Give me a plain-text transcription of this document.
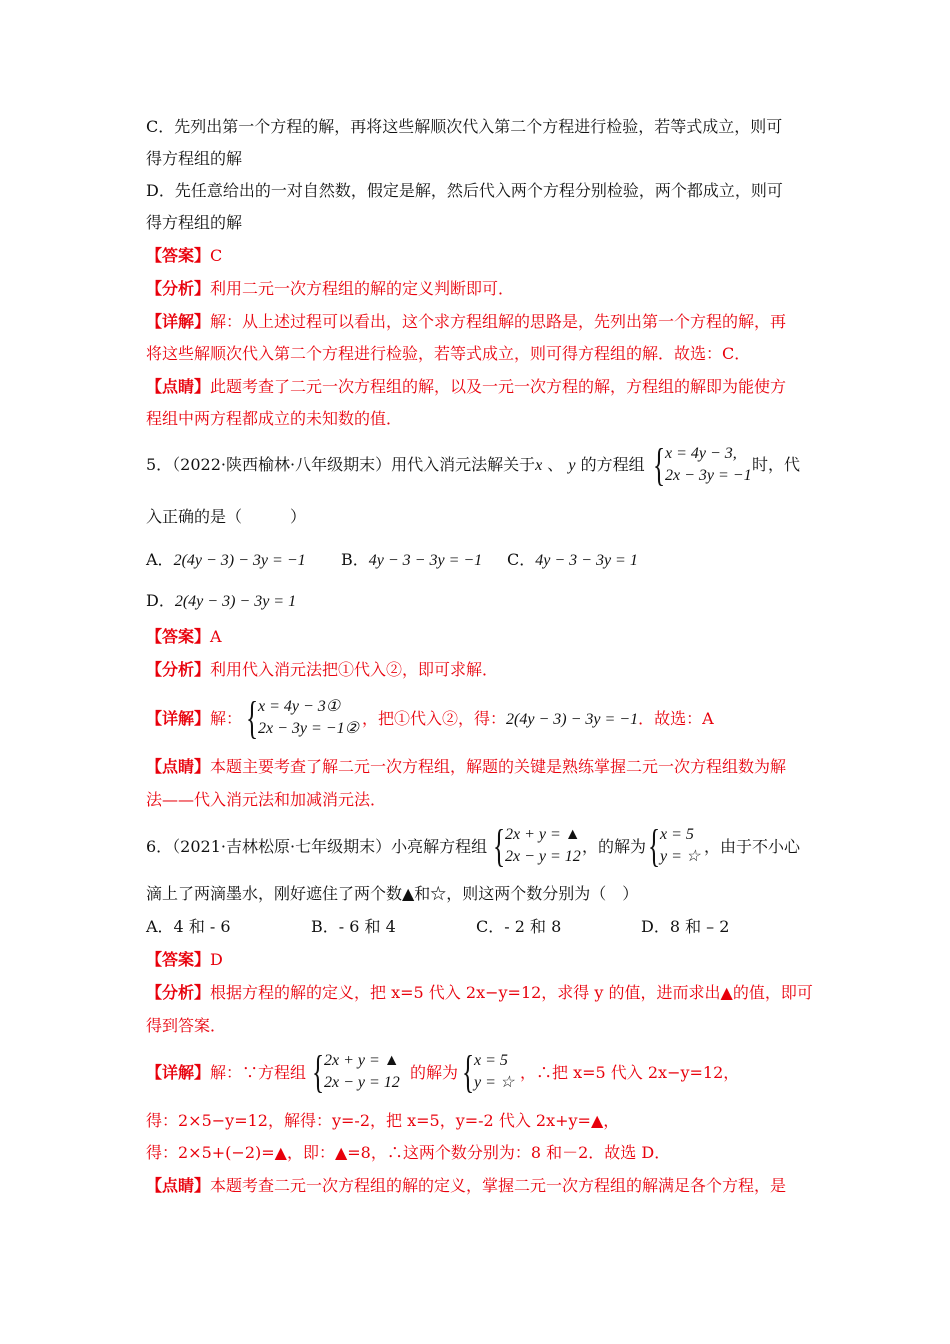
C．先列出第一个方程的解，再将这些解顺次代入第二个方程进行检验，若等式成立，则可
得方程组的解
D．先任意给出的一对自然数，假定是解，然后代入两个方程分别检验，两个都成立，则可
得方程组的解
【答案】C
【分析】利用二元一次方程组的解的定义判断即可．
【详解】解：从上述过程可以看出，这个求方程组解的思路是，先列出第一个方程的解，再
将这些解顺次代入第二个方程进行检验，若等式成立，则可得方程组的解．故选：C．
【点睛】此题考查了二元一次方程组的解，以及一元一次方程的解，方程组的解即为能使方
程组中两方程都成立的未知数的值．
5．（2022·陕西榆林·八年级期末）用代入消元法解关于x 、 y 的方程组 { x = 4y − 3,
2x − 3y = −1
时，代
入正确的是（　　　）
A．2(4y − 3) − 3y = −1 B．4y − 3 − 3y = −1 C．4y − 3 − 3y = 1
D．2(4y − 3) − 3y = 1
【答案】A
【分析】利用代入消元法把①代入②，即可求解．
【详解】解： { x = 4y − 3①
2x − 3y = −1②
，把①代入②，得：2(4y − 3) − 3y = −1．故选：A
【点睛】本题主要考查了解二元一次方程组，解题的关键是熟练掌握二元一次方程组数为解
法——代入消元法和加减消元法．
6．（2021·吉林松原·七年级期末）小亮解方程组 { 2x + y = ▲
2x − y = 12
，的解为 { x = 5
y = ☆
，由于不小心
滴上了两滴墨水，刚好遮住了两个数▲和☆，则这两个数分别为（　）
A．4 和 - 6	B．- 6 和 4	C．- 2 和 8	D．8 和 – 2
【答案】D
【分析】根据方程的解的定义，把 x=5 代入 2x−y=12，求得 y 的值，进而求出▲的值，即可
得到答案．
【详解】解：∵方程组 { 2x + y = ▲
2x − y = 12
的解为 { x = 5
y = ☆
，∴把 x=5 代入 2x−y=12，
得：2×5−y=12，解得：y=-2，把 x=5，y=-2 代入 2x+y=▲，
得：2×5+(−2)=▲，即：▲=8，∴这两个数分别为：8 和－2．故选 D．
【点睛】本题考查二元一次方程组的解的定义，掌握二元一次方程组的解满足各个方程，是
